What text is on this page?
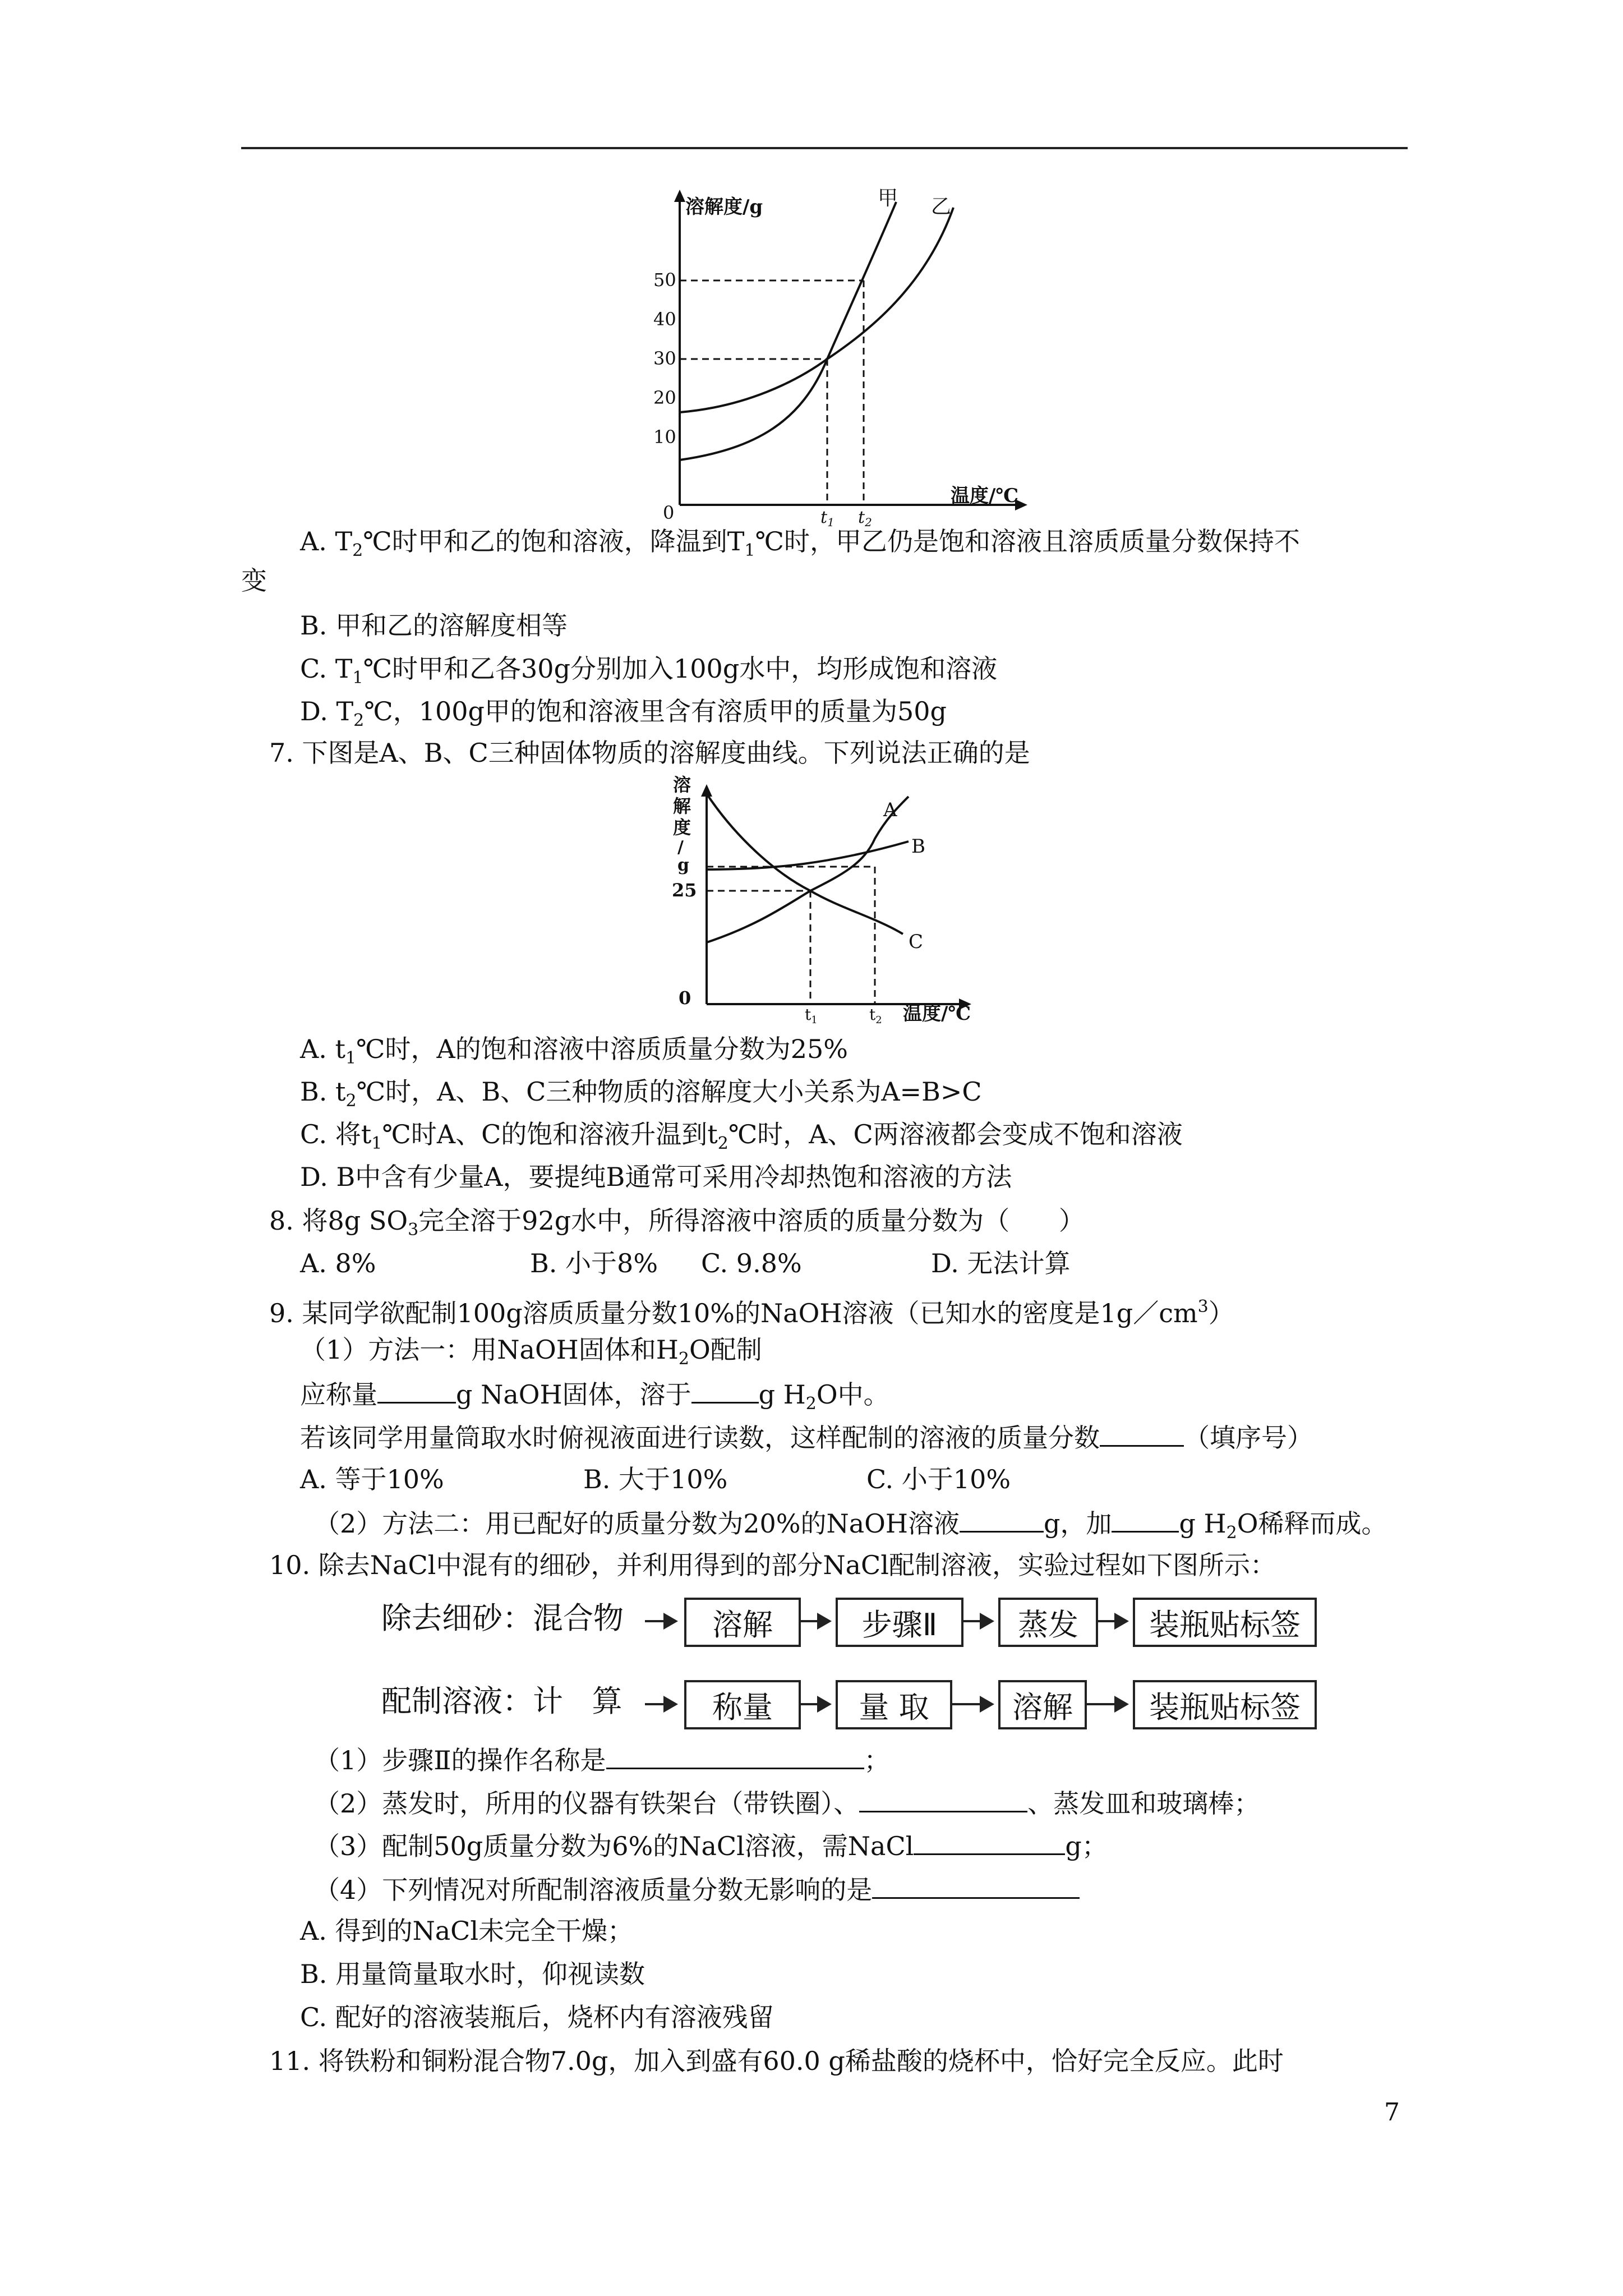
溶解度/g
温度/℃
0
10
20
30
40
50
$t_1$ $t_2$
甲 乙
A. $T_2℃$时甲和乙的饱和溶液，降温到$T_1℃$时，甲乙仍是饱和溶液且溶质质量分数保持不
变
B. 甲和乙的溶解度相等
C. $T_1℃$时甲和乙各30g分别加入100g水中，均形成饱和溶液
D. $T_2℃$，100g甲的饱和溶液里含有溶质甲的质量为50g
7. 下图是A、B、C三种固体物质的溶解度曲线。下列说法正确的是
溶
解
度
/
g
25
0
温度/℃
$t_1$	$t_2$
A
B
C
A. $t_1℃$时，A的饱和溶液中溶质质量分数为25%
B. $t_2℃$时，A、B、C三种物质的溶解度大小关系为A=B>C
C. 将$t_1℃$时A、C的饱和溶液升温到$t_2℃$时，A、C两溶液都会变成不饱和溶液
D. B中含有少量A，要提纯B通常可采用冷却热饱和溶液的方法
8. 将8g $SO_3$完全溶于92g水中，所得溶液中溶质的质量分数为（      ）
A. 8%	B. 小于8% C. 9.8%	D. 无法计算
9. 某同学欲配制100g溶质质量分数10%的NaOH溶液（已知水的密度是$1g/cm^3$）
（1）方法一：用NaOH固体和$H_2O$配制
应称量	g NaOH固体，溶于	g $H_2O$中。
若该同学用量筒取水时俯视液面进行读数，这样配制的溶液的质量分数	（填序号）
A. 等于10%	B. 大于10%	C. 小于10%
（2）方法二：用已配好的质量分数为20%的NaOH溶液	g，加	g $H_2O$稀释而成。
10. 除去NaCl中混有的细砂，并利用得到的部分NaCl配制溶液，实验过程如下图所示：
除去细砂：混合物	溶解	步骤Ⅱ	蒸发	装瓶贴标签
配制溶液：计   算	称量	量 取	溶解	装瓶贴标签
（1）步骤Ⅱ的操作名称是	；
（2）蒸发时，所用的仪器有铁架台（带铁圈）、	、蒸发皿和玻璃棒；
（3）配制50g质量分数为6%的NaCl溶液，需NaCl	g；
（4）下列情况对所配制溶液质量分数无影响的是
A. 得到的NaCl未完全干燥；
B. 用量筒量取水时，仰视读数
C. 配好的溶液装瓶后，烧杯内有溶液残留
11. 将铁粉和铜粉混合物7.0g，加入到盛有60.0 g稀盐酸的烧杯中，恰好完全反应。此时
7
